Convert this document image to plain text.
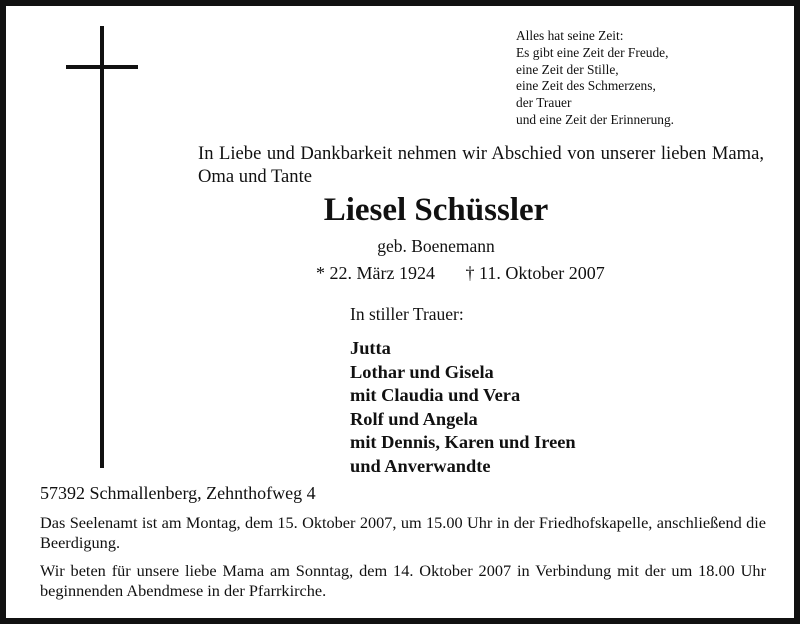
Alles hat seine Zeit:
Es gibt eine Zeit der Freude,
eine Zeit der Stille,
eine Zeit des Schmerzens,
der Trauer
und eine Zeit der Erinnerung.
In Liebe und Dankbarkeit nehmen wir Abschied von unserer lieben Mama, Oma und Tante
Liesel Schüssler
geb. Boenemann
* 22. März 1924 † 11. Oktober 2007
In stiller Trauer:
Jutta
Lothar und Gisela
mit Claudia und Vera
Rolf und Angela
mit Dennis, Karen und Ireen
und Anverwandte
57392 Schmallenberg, Zehnthofweg 4
Das Seelenamt ist am Montag, dem 15. Oktober 2007, um 15.00 Uhr in der Friedhofskapelle, anschließend die Beerdigung.
Wir beten für unsere liebe Mama am Sonntag, dem 14. Oktober 2007 in Verbindung mit der um 18.00 Uhr beginnenden Abendmese in der Pfarrkirche.
